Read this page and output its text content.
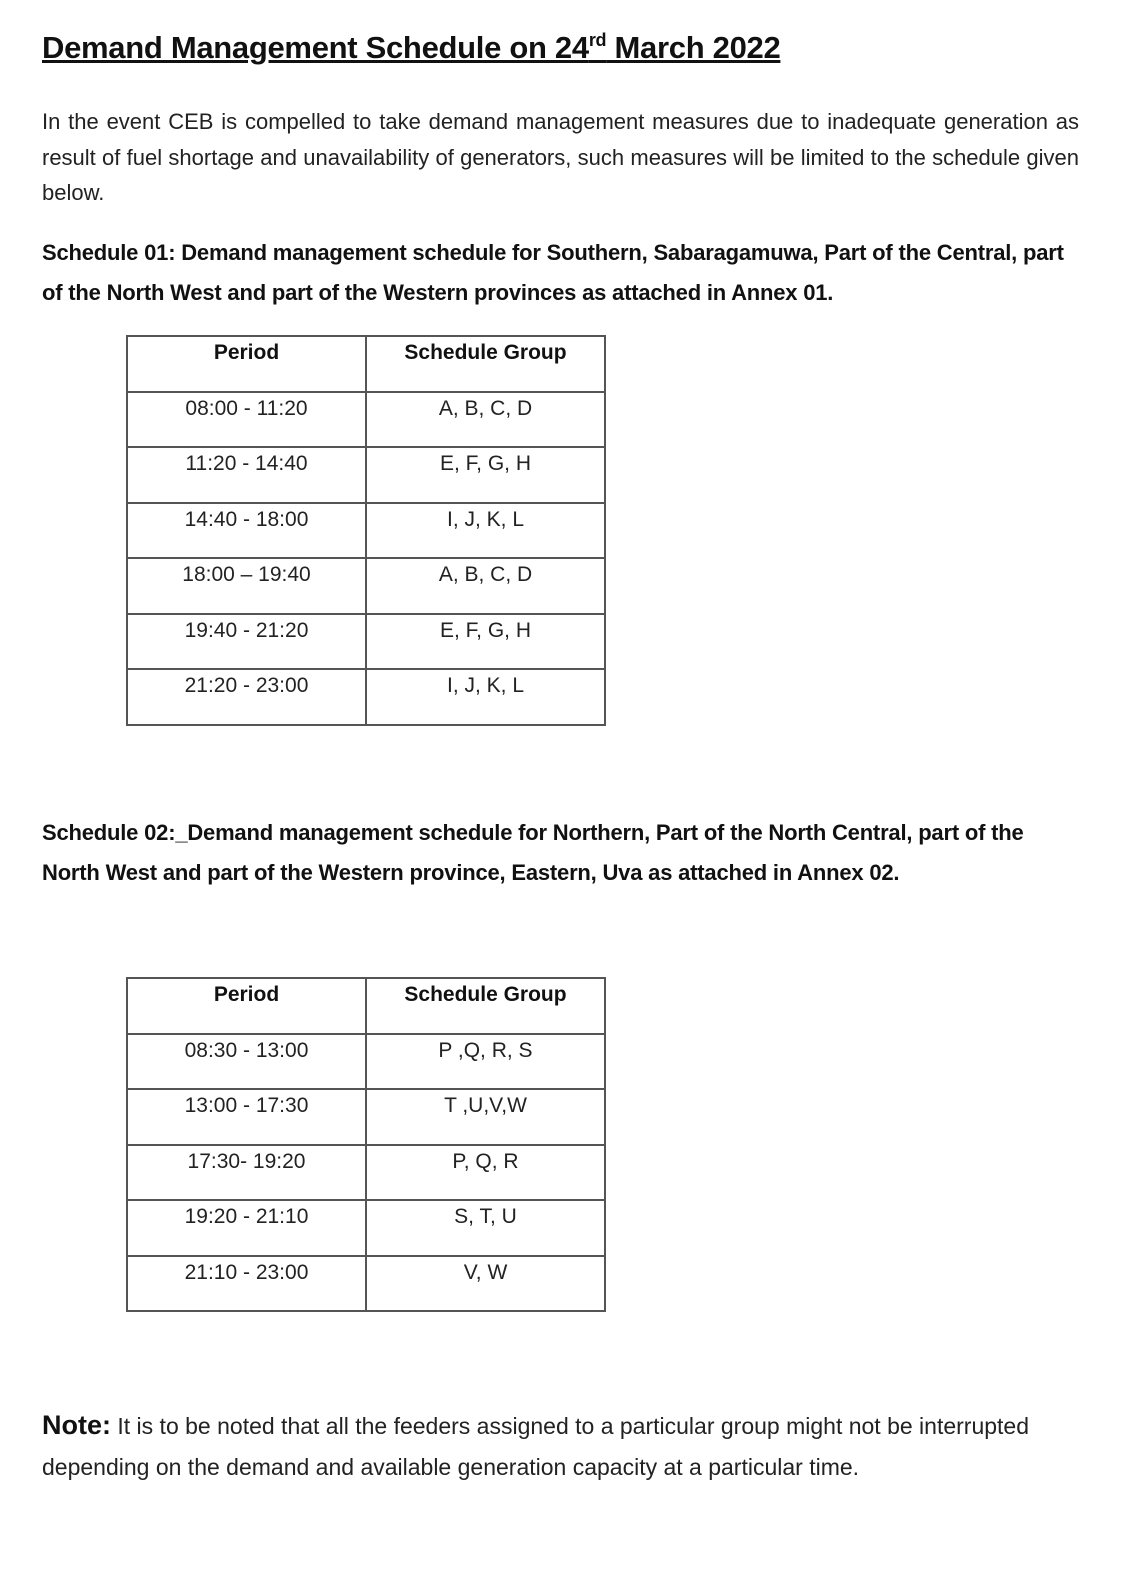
Demand Management Schedule on 24rd March 2022
In the event CEB is compelled to take demand management measures due to inadequate generation as result of fuel shortage and unavailability of generators, such measures will be limited to the schedule given below.
Schedule 01: Demand management schedule for Southern, Sabaragamuwa, Part of the Central, part of the North West and part of the Western provinces as attached in Annex 01.
Period	Schedule Group
08:00 - 11:20	A, B, C, D
11:20 - 14:40	E, F, G, H
14:40 - 18:00	I, J, K, L
18:00 – 19:40	A, B, C, D
19:40 - 21:20	E, F, G, H
21:20 - 23:00	I, J, K, L
Schedule 02:_Demand management schedule for Northern, Part of the North Central, part of the North West and part of the Western province, Eastern, Uva as attached in Annex 02.
Period	Schedule Group
08:30 - 13:00	P ,Q, R, S
13:00 - 17:30	T ,U,V,W
17:30- 19:20	P, Q, R
19:20 - 21:10	S, T, U
21:10 - 23:00	V, W
Note: It is to be noted that all the feeders assigned to a particular group might not be interrupted depending on the demand and available generation capacity at a particular time.
